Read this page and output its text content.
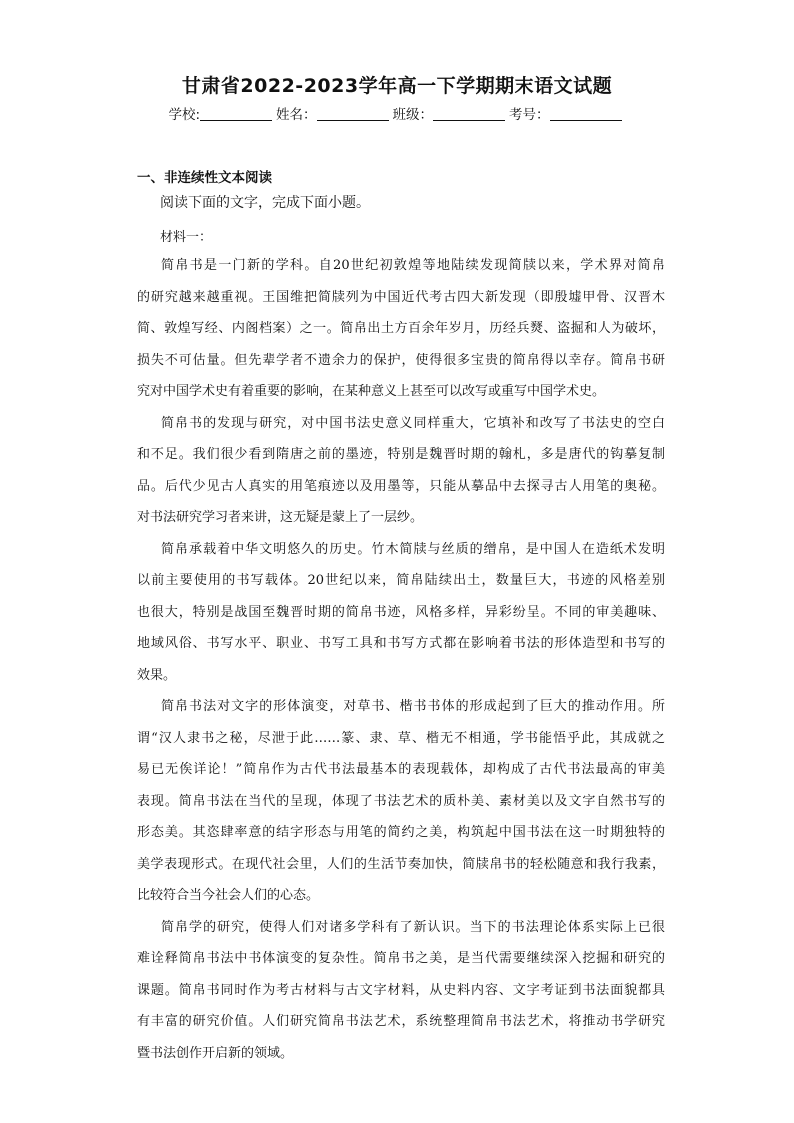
甘肃省2022-2023学年高一下学期期末语文试题
学校:	姓名：	班级：	考号：
一、非连续性文本阅读
阅读下面的文字，完成下面小题。
材料一：
简帛书是一门新的学科。自20世纪初敦煌等地陆续发现简牍以来，学术界对简帛
的研究越来越重视。王国维把简牍列为中国近代考古四大新发现（即殷墟甲骨、汉晋木
简、敦煌写经、内阁档案）之一。简帛出土方百余年岁月，历经兵燹、盗掘和人为破坏，
损失不可估量。但先辈学者不遗余力的保护，使得很多宝贵的简帛得以幸存。简帛书研
究对中国学术史有着重要的影响，在某种意义上甚至可以改写或重写中国学术史。
简帛书的发现与研究，对中国书法史意义同样重大，它填补和改写了书法史的空白
和不足。我们很少看到隋唐之前的墨迹，特别是魏晋时期的翰札，多是唐代的钩摹复制
品。后代少见古人真实的用笔痕迹以及用墨等，只能从摹品中去探寻古人用笔的奥秘。
对书法研究学习者来讲，这无疑是蒙上了一层纱。
简帛承载着中华文明悠久的历史。竹木简牍与丝质的缯帛，是中国人在造纸术发明
以前主要使用的书写载体。20世纪以来，简帛陆续出土，数量巨大，书迹的风格差别
也很大，特别是战国至魏晋时期的简帛书迹，风格多样，异彩纷呈。不同的审美趣味、
地域风俗、书写水平、职业、书写工具和书写方式都在影响着书法的形体造型和书写的
效果。
简帛书法对文字的形体演变，对草书、楷书书体的形成起到了巨大的推动作用。所
谓“汉人隶书之秘，尽泄于此……篆、隶、草、楷无不相通，学书能悟乎此，其成就之
易已无俟详论！”简帛作为古代书法最基本的表现载体，却构成了古代书法最高的审美
表现。简帛书法在当代的呈现，体现了书法艺术的质朴美、素材美以及文字自然书写的
形态美。其恣肆率意的结字形态与用笔的简约之美，构筑起中国书法在这一时期独特的
美学表现形式。在现代社会里，人们的生活节奏加快，简牍帛书的轻松随意和我行我素，
比较符合当今社会人们的心态。
简帛学的研究，使得人们对诸多学科有了新认识。当下的书法理论体系实际上已很
难诠释简帛书法中书体演变的复杂性。简帛书之美，是当代需要继续深入挖掘和研究的
课题。简帛书同时作为考古材料与古文字材料，从史料内容、文字考证到书法面貌都具
有丰富的研究价值。人们研究简帛书法艺术，系统整理简帛书法艺术，将推动书学研究
暨书法创作开启新的领域。
